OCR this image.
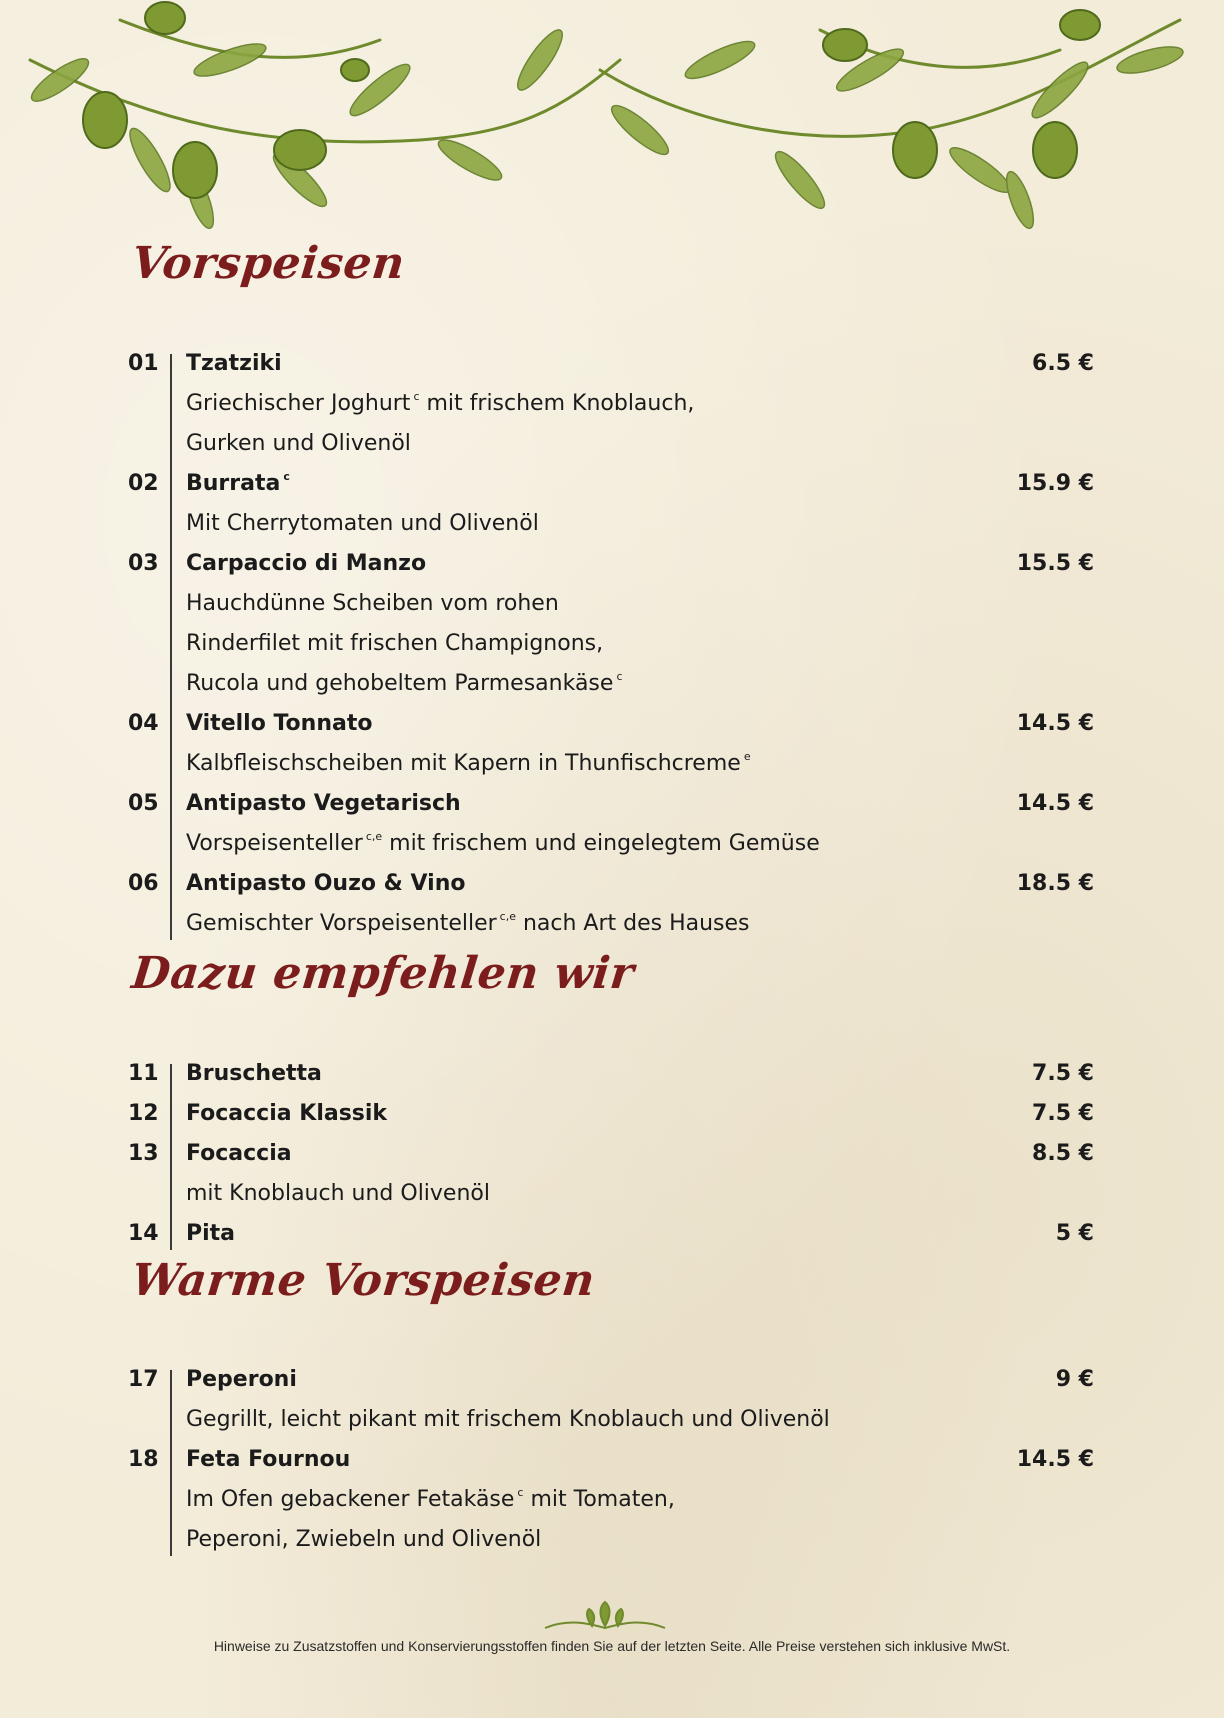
Vorspeisen
01 Tzatziki	6.5 €
Griechischer Joghurt $^c$ mit frischem Knoblauch,
Gurken und Olivenöl
02 Burrata $^c$	15.9 €
Mit Cherrytomaten und Olivenöl
03 Carpaccio di Manzo	15.5 €
Hauchdünne Scheiben vom rohen
Rinderfilet mit frischen Champignons,
Rucola und gehobeltem Parmesankäse $^c$
04 Vitello Tonnato	14.5 €
Kalbfleischscheiben mit Kapern in Thunfischcreme $^e$
05 Antipasto Vegetarisch	14.5 €
Vorspeisenteller $^{c,e}$ mit frischem und eingelegtem Gemüse
06 Antipasto Ouzo & Vino	18.5 €
Gemischter Vorspeisenteller $^{c,e}$ nach Art des Hauses
Dazu empfehlen wir
11 Bruschetta	7.5 €
12 Focaccia Klassik	7.5 €
13 Focaccia	8.5 €
mit Knoblauch und Olivenöl
14 Pita	5 €
Warme Vorspeisen
17 Peperoni	9 €
Gegrillt, leicht pikant mit frischem Knoblauch und Olivenöl
18 Feta Fournou	14.5 €
Im Ofen gebackener Fetakäse $^c$ mit Tomaten,
Peperoni, Zwiebeln und Olivenöl
Hinweise zu Zusatzstoffen und Konservierungsstoffen finden Sie auf der letzten Seite. Alle Preise verstehen sich inklusive MwSt.
